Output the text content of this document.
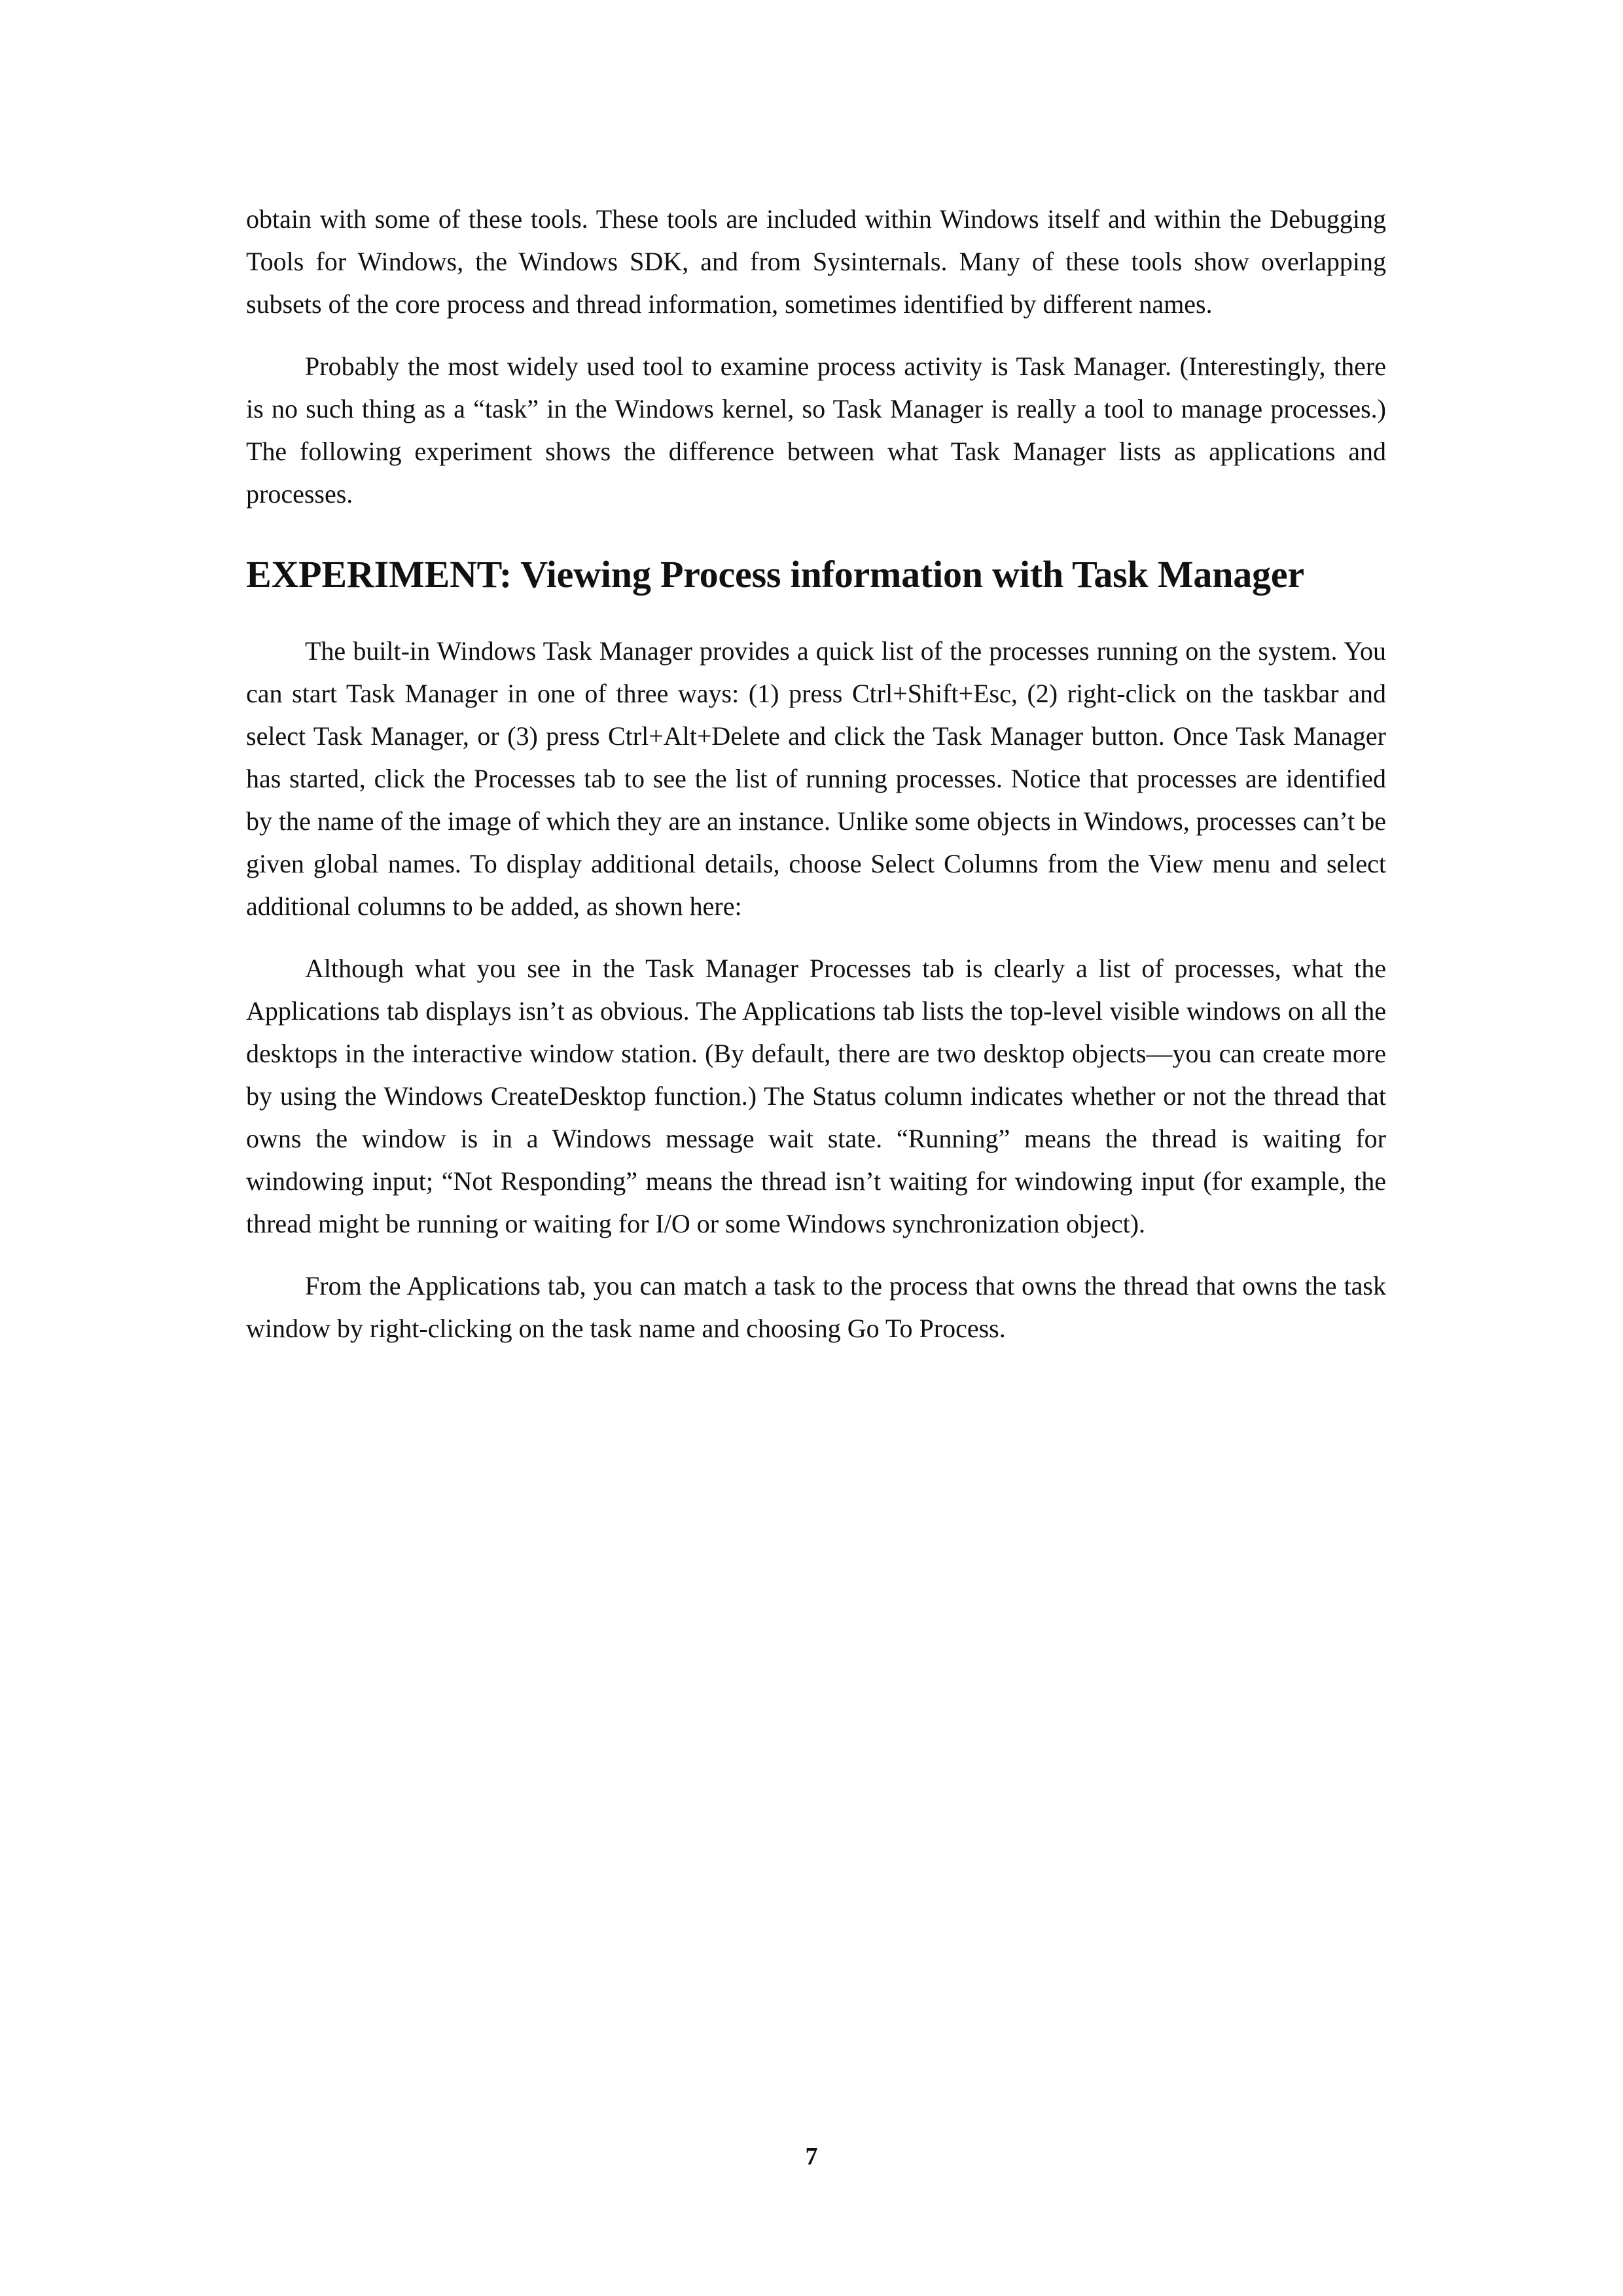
obtain with some of these tools. These tools are included within Windows itself and within the Debugging Tools for Windows, the Windows SDK, and from Sysinternals. Many of these tools show overlapping subsets of the core process and thread information, sometimes identified by different names.

Probably the most widely used tool to examine process activity is Task Manager. (Interestingly, there is no such thing as a “task” in the Windows kernel, so Task Manager is really a tool to manage processes.) The following experiment shows the difference between what Task Manager lists as applications and processes.

EXPERIMENT: Viewing Process information with Task Manager

The built-in Windows Task Manager provides a quick list of the processes running on the system. You can start Task Manager in one of three ways: (1) press Ctrl+Shift+Esc, (2) right-click on the taskbar and select Task Manager, or (3) press Ctrl+Alt+Delete and click the Task Manager button. Once Task Manager has started, click the Processes tab to see the list of running processes. Notice that processes are identified by the name of the image of which they are an instance. Unlike some objects in Windows, processes can’t be given global names. To display additional details, choose Select Columns from the View menu and select additional columns to be added, as shown here:

Although what you see in the Task Manager Processes tab is clearly a list of processes, what the Applications tab displays isn’t as obvious. The Applications tab lists the top-level visible windows on all the desktops in the interactive window station. (By default, there are two desktop objects—you can create more by using the Windows CreateDesktop function.) The Status column indicates whether or not the thread that owns the window is in a Windows message wait state. “Running” means the thread is waiting for windowing input; “Not Responding” means the thread isn’t waiting for windowing input (for example, the thread might be running or waiting for I/O or some Windows synchronization object).

From the Applications tab, you can match a task to the process that owns the thread that owns the task window by right-clicking on the task name and choosing Go To Process.

7
